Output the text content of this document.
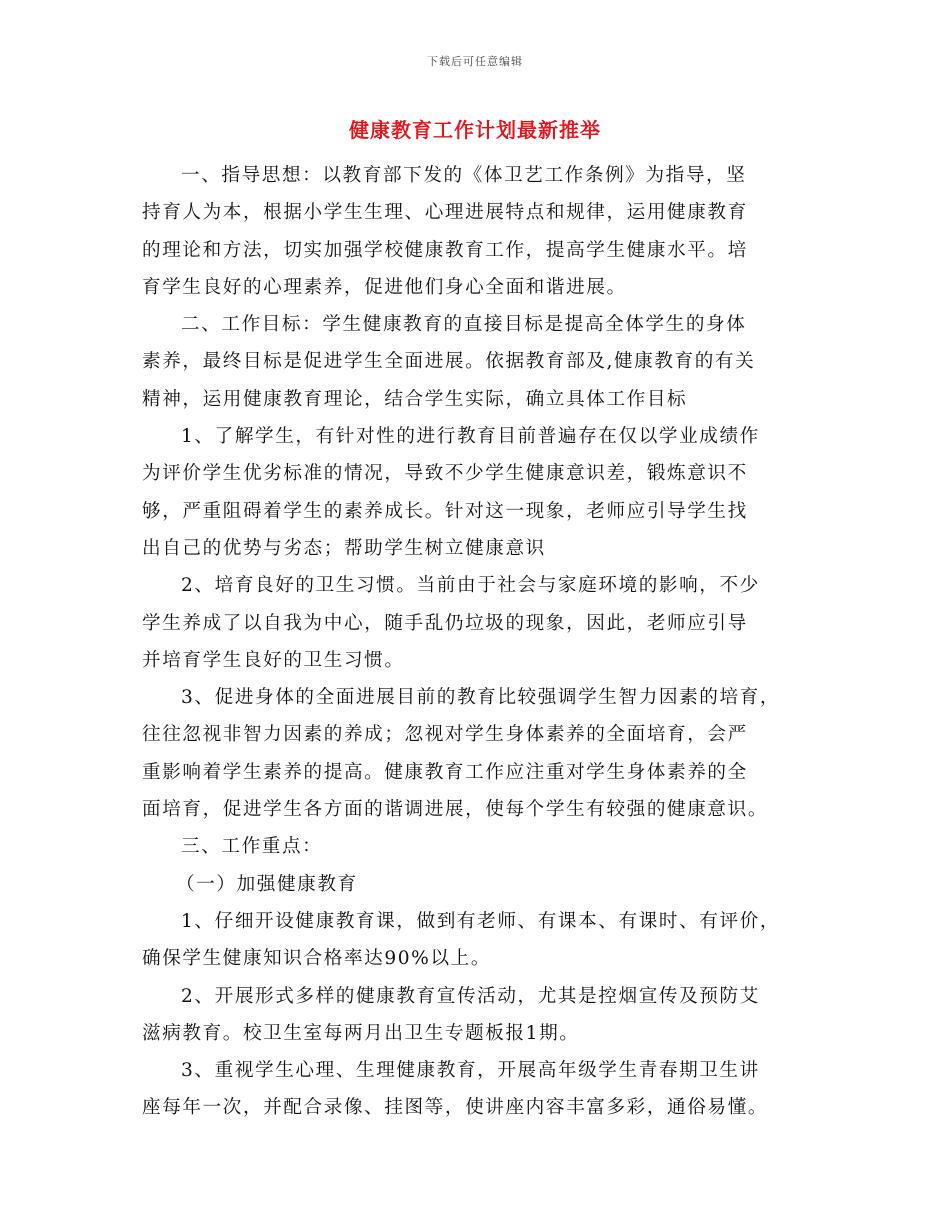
下载后可任意编辑
健康教育工作计划最新推举
一、指导思想：以教育部下发的《体卫艺工作条例》为指导，坚
持育人为本，根据小学生生理、心理进展特点和规律，运用健康教育
的理论和方法，切实加强学校健康教育工作，提高学生健康水平。培
育学生良好的心理素养，促进他们身心全面和谐进展。
二、工作目标：学生健康教育的直接目标是提高全体学生的身体
素养，最终目标是促进学生全面进展。依据教育部及,健康教育的有关
精神，运用健康教育理论，结合学生实际，确立具体工作目标
1、了解学生，有针对性的进行教育目前普遍存在仅以学业成绩作
为评价学生优劣标准的情况，导致不少学生健康意识差，锻炼意识不
够，严重阻碍着学生的素养成长。针对这一现象，老师应引导学生找
出自己的优势与劣态；帮助学生树立健康意识
2、培育良好的卫生习惯。当前由于社会与家庭环境的影响，不少
学生养成了以自我为中心，随手乱仍垃圾的现象，因此，老师应引导
并培育学生良好的卫生习惯。
3、促进身体的全面进展目前的教育比较强调学生智力因素的培育，
往往忽视非智力因素的养成；忽视对学生身体素养的全面培育，会严
重影响着学生素养的提高。健康教育工作应注重对学生身体素养的全
面培育，促进学生各方面的谐调进展，使每个学生有较强的健康意识。
三、工作重点：
（一）加强健康教育
1、仔细开设健康教育课，做到有老师、有课本、有课时、有评价，
确保学生健康知识合格率达90%以上。
2、开展形式多样的健康教育宣传活动，尤其是控烟宣传及预防艾
滋病教育。校卫生室每两月出卫生专题板报1期。
3、重视学生心理、生理健康教育，开展高年级学生青春期卫生讲
座每年一次，并配合录像、挂图等，使讲座内容丰富多彩，通俗易懂。
